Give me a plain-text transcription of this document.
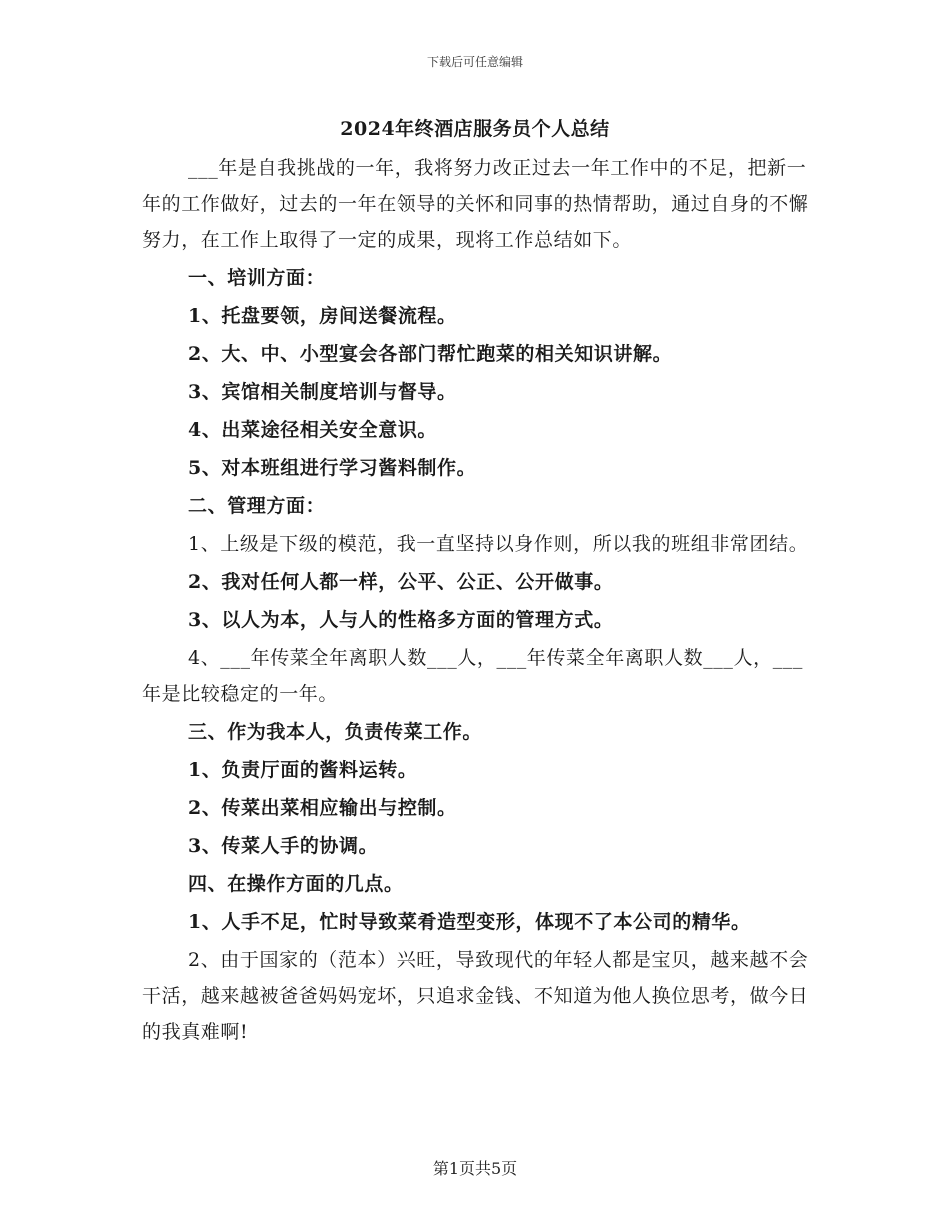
下载后可任意编辑
2024年终酒店服务员个人总结

___年是自我挑战的一年，我将努力改正过去一年工作中的不足，把新一年的工作做好，过去的一年在领导的关怀和同事的热情帮助，通过自身的不懈努力，在工作上取得了一定的成果，现将工作总结如下。

一、培训方面：

1、托盘要领，房间送餐流程。

2、大、中、小型宴会各部门帮忙跑菜的相关知识讲解。

3、宾馆相关制度培训与督导。

4、出菜途径相关安全意识。

5、对本班组进行学习酱料制作。

二、管理方面：

1、上级是下级的模范，我一直坚持以身作则，所以我的班组非常团结。

2、我对任何人都一样，公平、公正、公开做事。

3、以人为本，人与人的性格多方面的管理方式。

4、___年传菜全年离职人数___人，___年传菜全年离职人数___人，___年是比较稳定的一年。

三、作为我本人，负责传菜工作。

1、负责厅面的酱料运转。

2、传菜出菜相应输出与控制。

3、传菜人手的协调。

四、在操作方面的几点。

1、人手不足，忙时导致菜肴造型变形，体现不了本公司的精华。

2、由于国家的（范本）兴旺，导致现代的年轻人都是宝贝，越来越不会干活，越来越被爸爸妈妈宠坏，只追求金钱、不知道为他人换位思考，做今日的我真难啊!

第1页共5页
